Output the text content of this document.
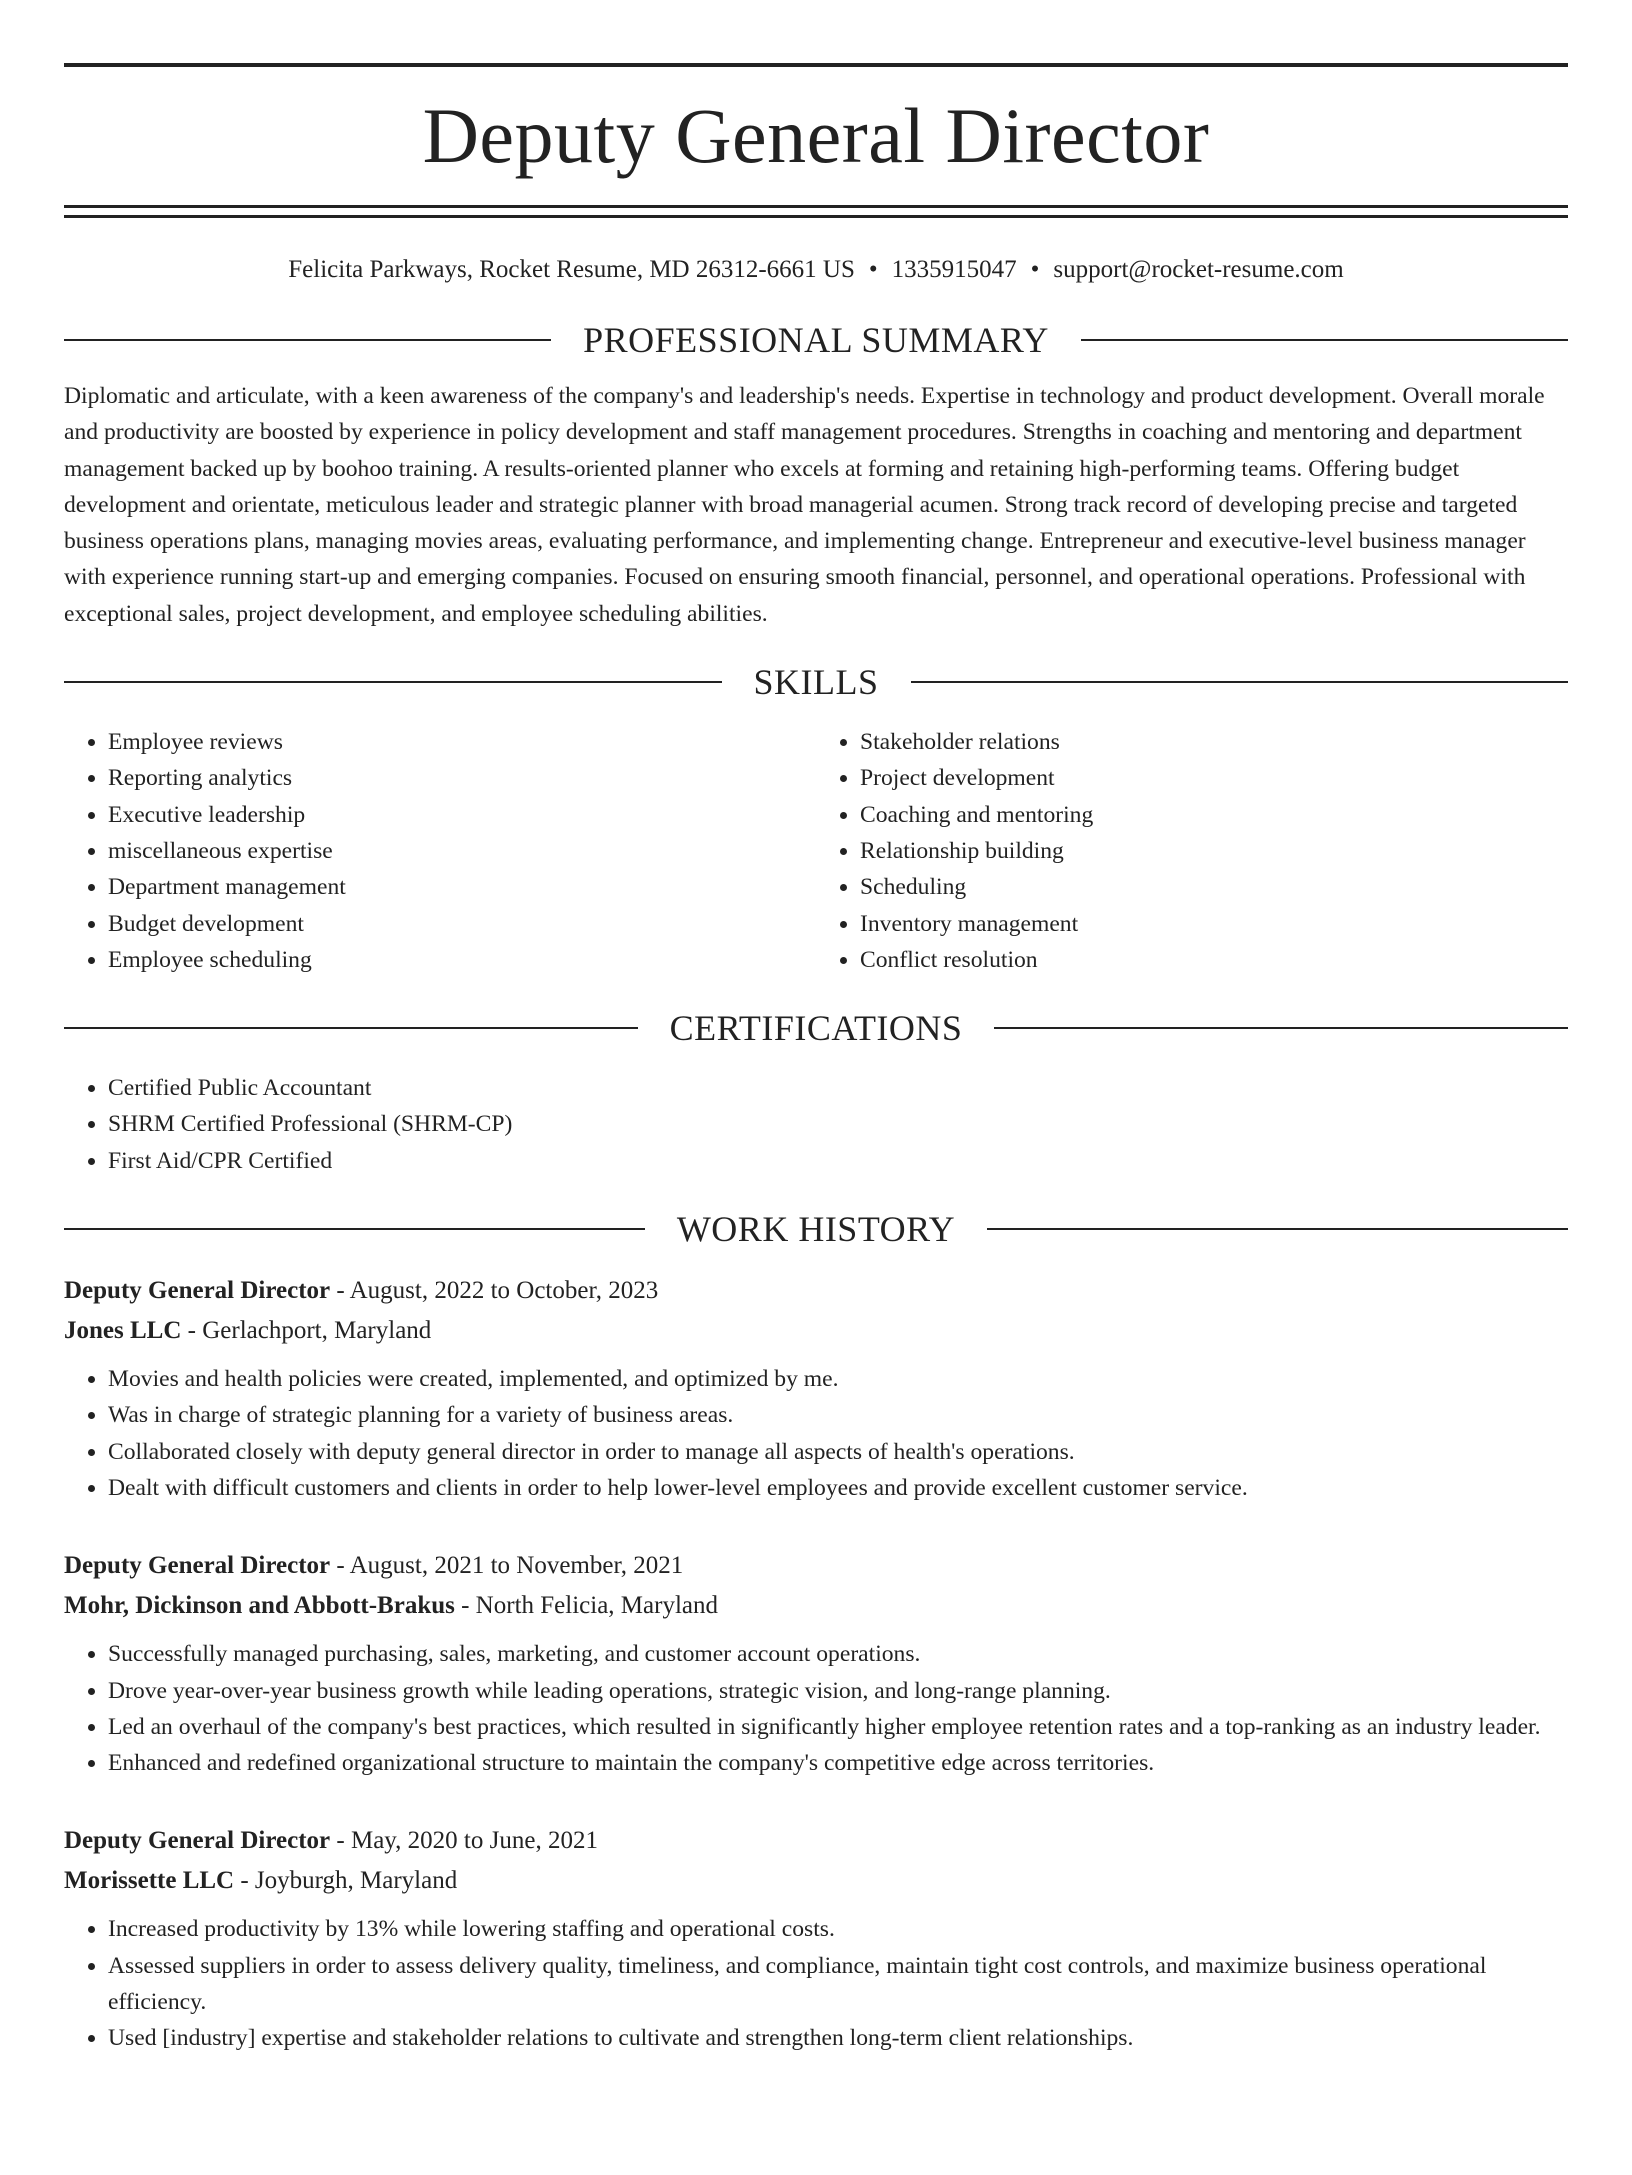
Deputy General Director
Felicita Parkways, Rocket Resume, MD 26312-6661 US • 1335915047 • support@rocket-resume.com
PROFESSIONAL SUMMARY

Diplomatic and articulate, with a keen awareness of the company's and leadership's needs. Expertise in technology and product development. Overall morale and productivity are boosted by experience in policy development and staff management procedures. Strengths in coaching and mentoring and department management backed up by boohoo training. A results-oriented planner who excels at forming and retaining high-performing teams. Offering budget development and orientate, meticulous leader and strategic planner with broad managerial acumen. Strong track record of developing precise and targeted business operations plans, managing movies areas, evaluating performance, and implementing change. Entrepreneur and executive-level business manager with experience running start-up and emerging companies. Focused on ensuring smooth financial, personnel, and operational operations. Professional with exceptional sales, project development, and employee scheduling abilities.

SKILLS
• Employee reviews
• Reporting analytics
• Executive leadership
• miscellaneous expertise
• Department management
• Budget development
• Employee scheduling
• Stakeholder relations
• Project development
• Coaching and mentoring
• Relationship building
• Scheduling
• Inventory management
• Conflict resolution
CERTIFICATIONS
• Certified Public Accountant
• SHRM Certified Professional (SHRM-CP)
• First Aid/CPR Certified
WORK HISTORY
Deputy General Director - August, 2022 to October, 2023
Jones LLC - Gerlachport, Maryland
• Movies and health policies were created, implemented, and optimized by me.
• Was in charge of strategic planning for a variety of business areas.
• Collaborated closely with deputy general director in order to manage all aspects of health's operations.
• Dealt with difficult customers and clients in order to help lower-level employees and provide excellent customer service.
Deputy General Director - August, 2021 to November, 2021
Mohr, Dickinson and Abbott-Brakus - North Felicia, Maryland
• Successfully managed purchasing, sales, marketing, and customer account operations.
• Drove year-over-year business growth while leading operations, strategic vision, and long-range planning.
• Led an overhaul of the company's best practices, which resulted in significantly higher employee retention rates and a top-ranking as an industry leader.
• Enhanced and redefined organizational structure to maintain the company's competitive edge across territories.
Deputy General Director - May, 2020 to June, 2021
Morissette LLC - Joyburgh, Maryland
• Increased productivity by 13% while lowering staffing and operational costs.
• Assessed suppliers in order to assess delivery quality, timeliness, and compliance, maintain tight cost controls, and maximize business operational efficiency.
• Used [industry] expertise and stakeholder relations to cultivate and strengthen long-term client relationships.
